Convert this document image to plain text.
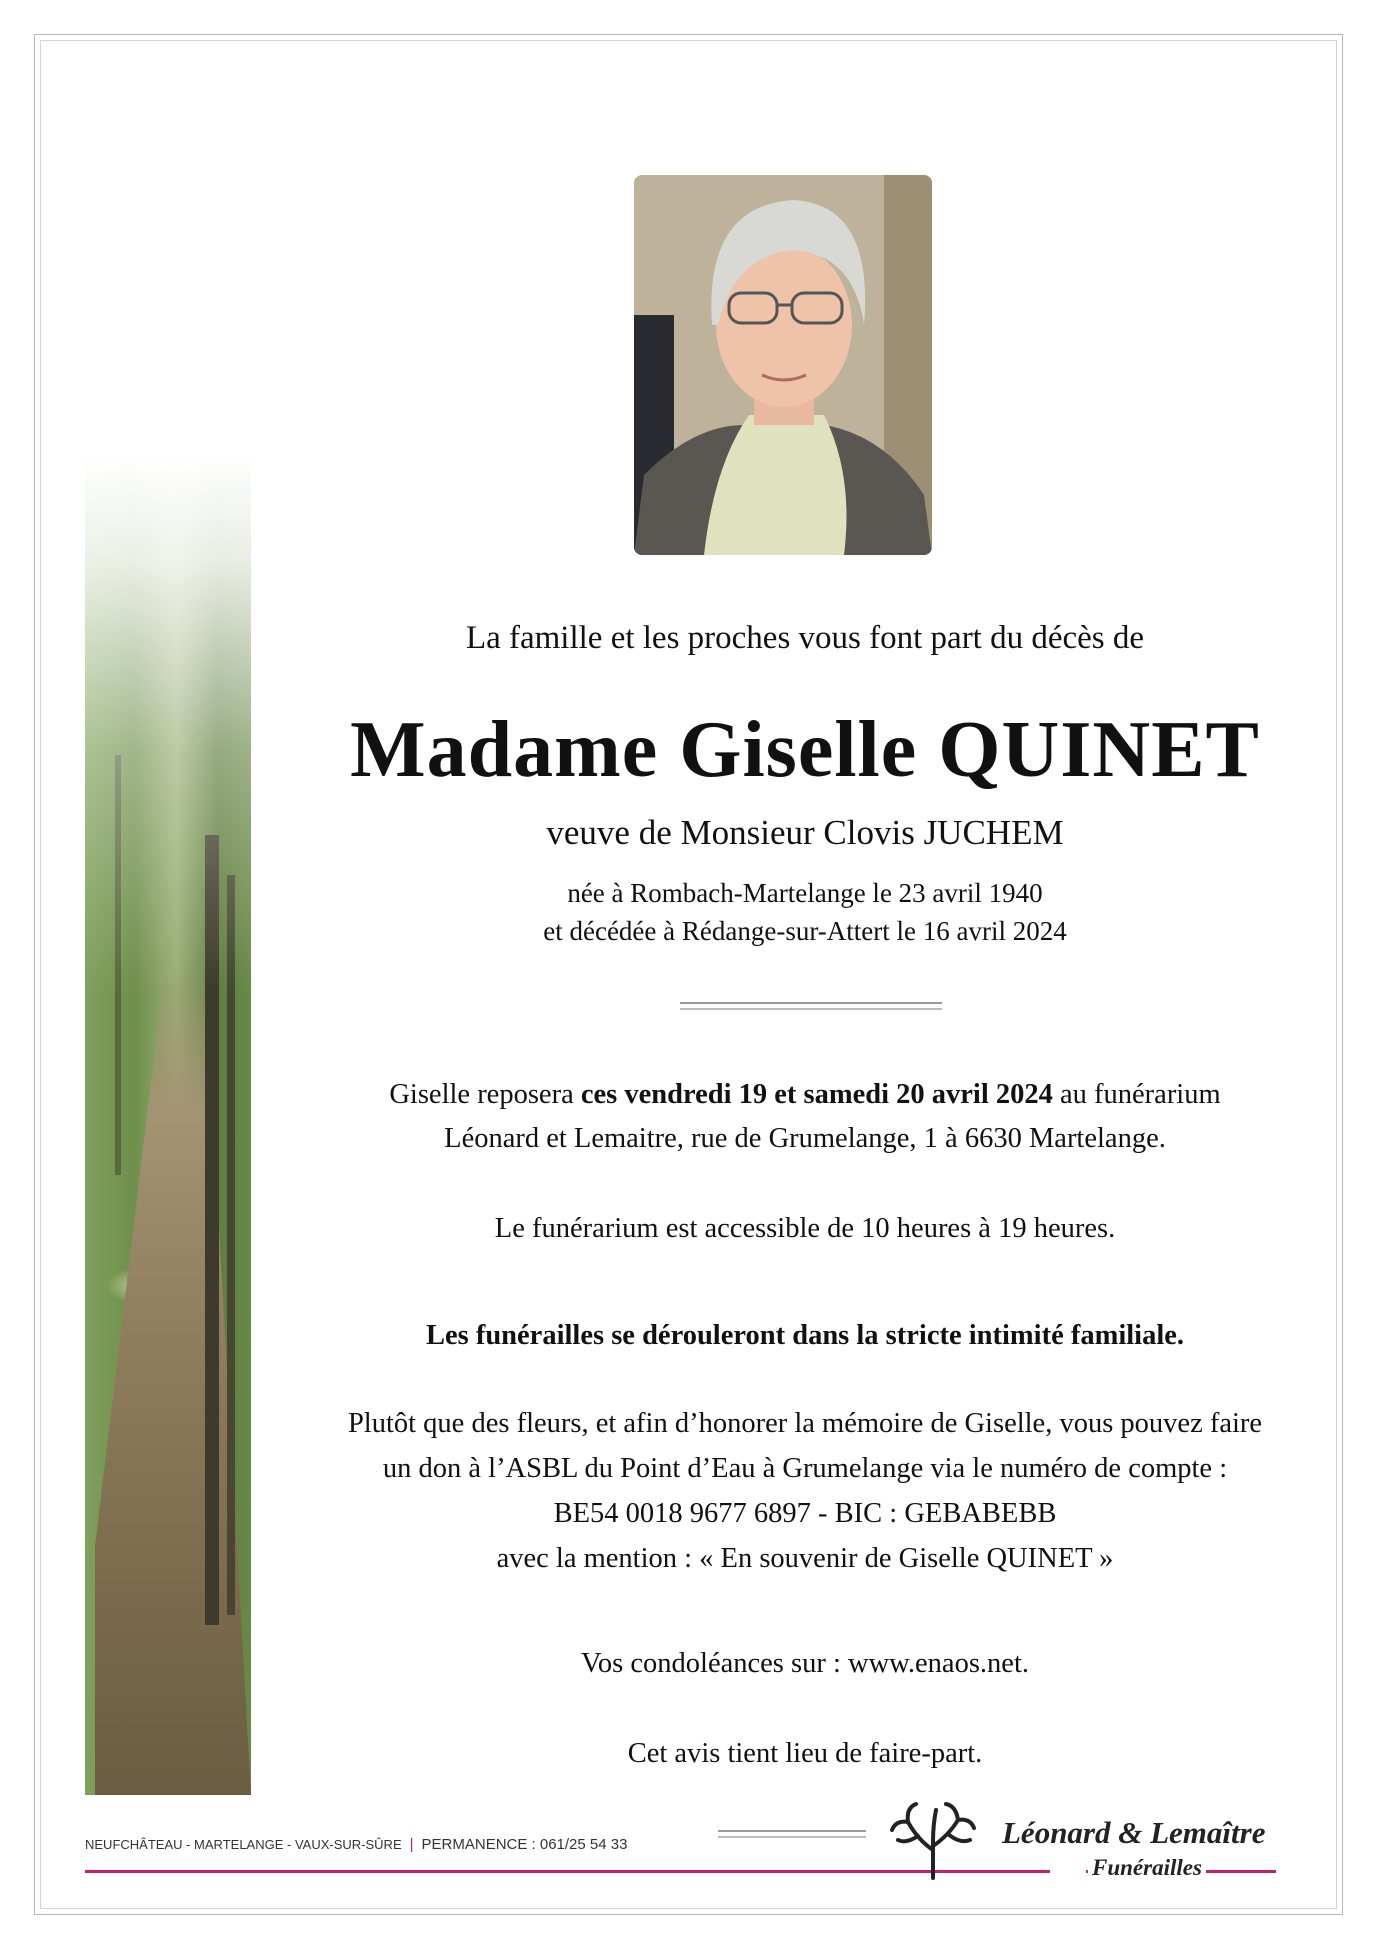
La famille et les proches vous font part du décès de
Madame Giselle QUINET
veuve de Monsieur Clovis JUCHEM
née à Rombach-Martelange le 23 avril 1940
et décédée à Rédange-sur-Attert le 16 avril 2024
Giselle reposera ces vendredi 19 et samedi 20 avril 2024 au funérarium
Léonard et Lemaitre, rue de Grumelange, 1 à 6630 Martelange.
Le funérarium est accessible de 10 heures à 19 heures.
Les funérailles se dérouleront dans la stricte intimité familiale.
Plutôt que des fleurs, et afin d’honorer la mémoire de Giselle, vous pouvez faire
un don à l’ASBL du Point d’Eau à Grumelange via le numéro de compte :
BE54 0018 9677 6897 - BIC : GEBABEBB
avec la mention : « En souvenir de Giselle QUINET »
Vos condoléances sur : www.enaos.net.
Cet avis tient lieu de faire-part.
NEUFCHÂTEAU - MARTELANGE - VAUX-SUR-SÛRE | PERMANENCE : 061/25 54 33	Léonard & Lemaître
Funérailles
